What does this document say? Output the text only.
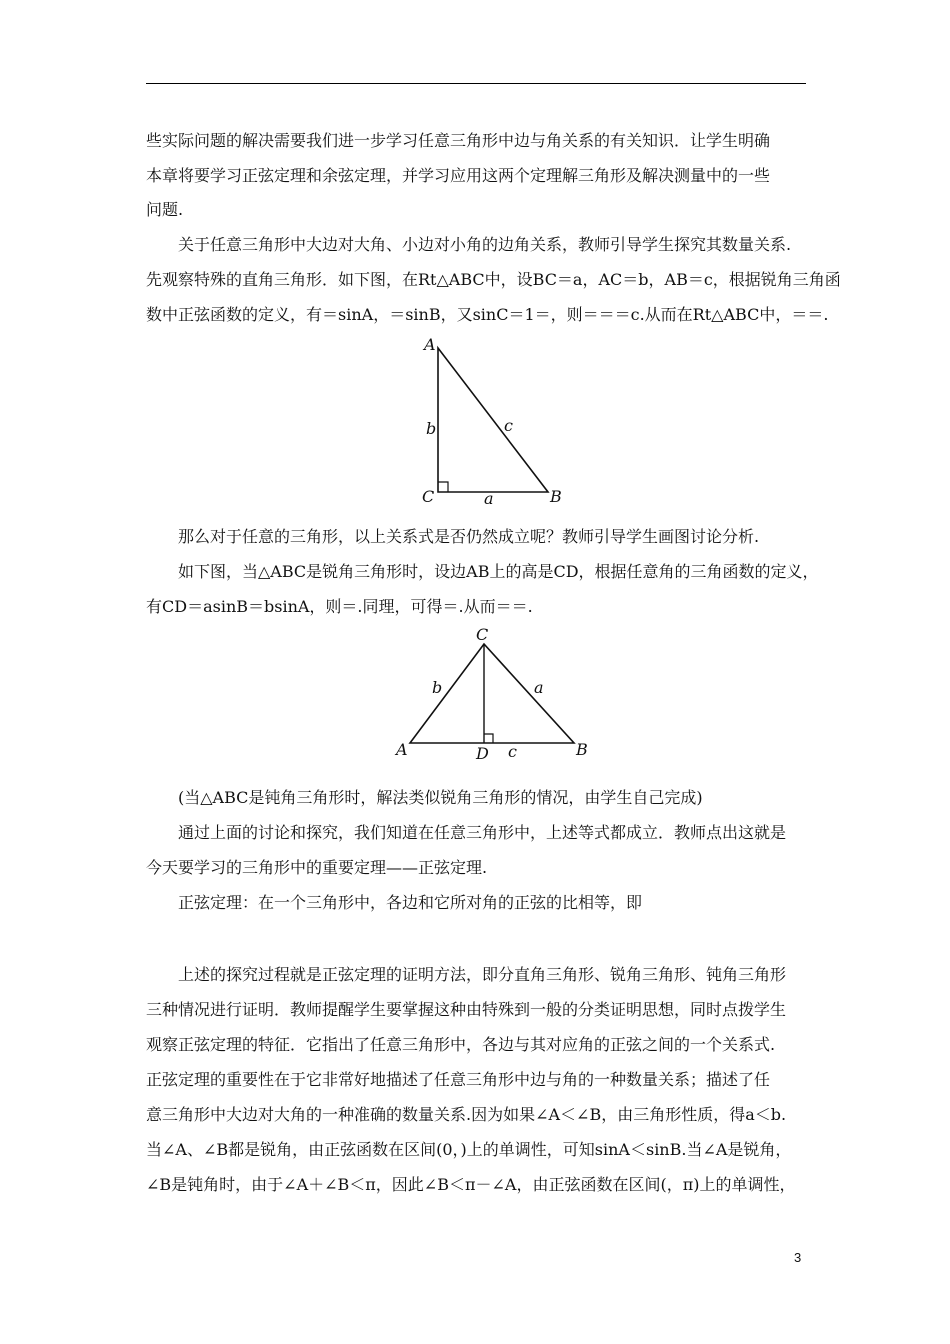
些实际问题的解决需要我们进一步学习任意三角形中边与角关系的有关知识．让学生明确

本章将要学习正弦定理和余弦定理，并学习应用这两个定理解三角形及解决测量中的一些

问题.

　　关于任意三角形中大边对大角、小边对小角的边角关系，教师引导学生探究其数量关系.

先观察特殊的直角三角形．如下图，在Rt△ABC中，设BC＝a，AC＝b，AB＝c，根据锐角三角函

数中正弦函数的定义，有＝sinA，＝sinB，又sinC＝1＝，则＝＝＝c.从而在Rt△ABC中，＝＝.

A
C	B
b	c
a

　　那么对于任意的三角形，以上关系式是否仍然成立呢？教师引导学生画图讨论分析.

　　如下图，当△ABC是锐角三角形时，设边AB上的高是CD，根据任意角的三角函数的定义，

有CD＝asinB＝bsinA，则＝.同理，可得＝.从而＝＝.

C
A	B
D
b	a
c

　　(当△ABC是钝角三角形时，解法类似锐角三角形的情况，由学生自己完成)

　　通过上面的讨论和探究，我们知道在任意三角形中，上述等式都成立．教师点出这就是

今天要学习的三角形中的重要定理——正弦定理.

　　正弦定理：在一个三角形中，各边和它所对角的正弦的比相等，即

　　上述的探究过程就是正弦定理的证明方法，即分直角三角形、锐角三角形、钝角三角形

三种情况进行证明．教师提醒学生要掌握这种由特殊到一般的分类证明思想，同时点拨学生

观察正弦定理的特征．它指出了任意三角形中，各边与其对应角的正弦之间的一个关系式.

正弦定理的重要性在于它非常好地描述了任意三角形中边与角的一种数量关系；描述了任

意三角形中大边对大角的一种准确的数量关系.因为如果∠A＜∠B，由三角形性质，得a＜b.

当∠A、∠B都是锐角，由正弦函数在区间(0，)上的单调性，可知sinA＜sinB.当∠A是锐角，

∠B是钝角时，由于∠A＋∠B＜π，因此∠B＜π－∠A，由正弦函数在区间(，π)上的单调性，

3
